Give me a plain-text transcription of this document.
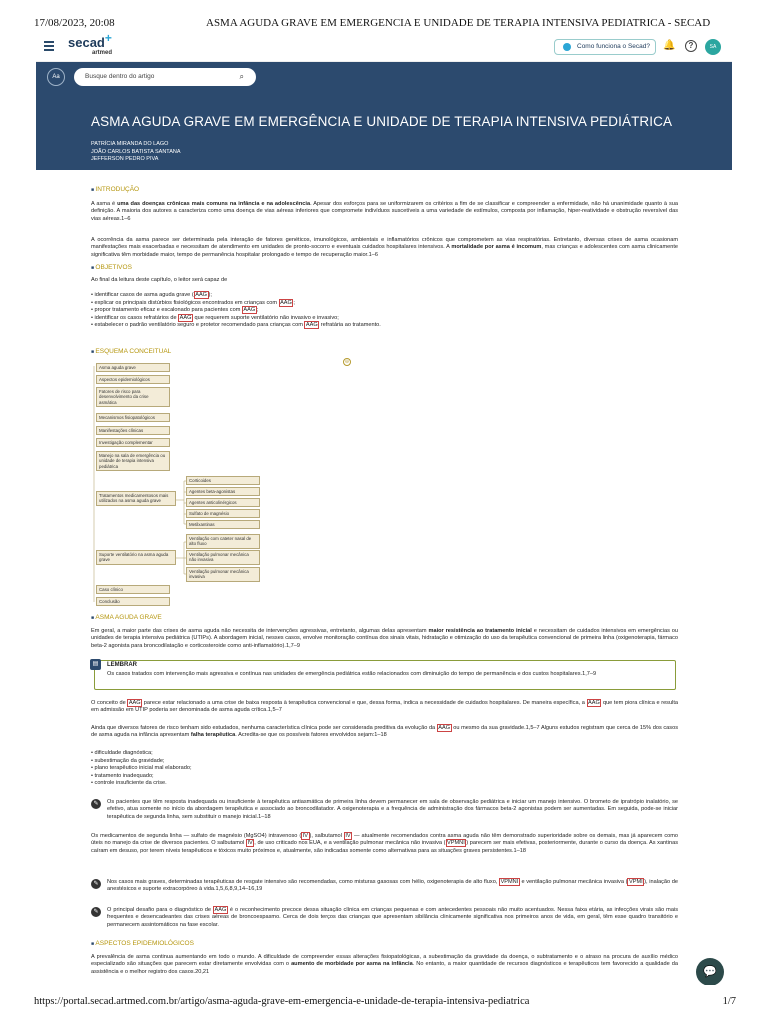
17/08/2023, 20:08	ASMA AGUDA GRAVE EM EMERGENCIA E UNIDADE DE TERAPIA INTENSIVA PEDIATRICA - SECAD
secad+
artmed
Como funciona o Secad?	🔔	?	SA
Aa	Busque dentro do artigo	⌕
ASMA AGUDA GRAVE EM EMERGÊNCIA E UNIDADE DE TERAPIA INTENSIVA PEDIÁTRICA
PATRÍCIA MIRANDA DO LAGO
JOÃO CARLOS BATISTA SANTANA
JEFFERSON PEDRO PIVA
■ INTRODUÇÃO
A asma é uma das doenças crônicas mais comuns na infância e na adolescência. Apesar dos esforços para se uniformizarem os critérios a fim de se classificar e compreender a enfermidade, não há unanimidade quanto à sua definição. A maioria dos autores a caracteriza como uma doença de vias aéreas inferiores que compromete indivíduos suscetíveis a uma variedade de estímulos, composta por inflamação, hiper-reatividade e obstrução reversível das vias aéreas.1–6
A ocorrência da asma parece ser determinada pela interação de fatores genéticos, imunológicos, ambientais e inflamatórios crônicos que comprometem as vias respiratórias. Entretanto, diversas crises de asma ocasionam manifestações mais exacerbadas e necessitam de atendimento em unidades de pronto-socorro e eventuais cuidados hospitalares intensivos. A mortalidade por asma é incomum, mas crianças e adolescentes com asma clinicamente significativa têm morbidade maior, tempo de permanência hospitalar prolongado e tempo de recuperação maior.1–6
■ OBJETIVOS
Ao final da leitura deste capítulo, o leitor será capaz de
• identificar casos de asma aguda grave ( AAG );
• explicar os principais distúrbios fisiológicos encontrados em crianças com AAG ;
• propor tratamento eficaz e escalonado para pacientes com AAG ;
• identificar os casos refratários de AAG que requerem suporte ventilatório não invasivo e invasivo;
• estabelecer o padrão ventilatório seguro e protetor recomendado para crianças com AAG refratária ao tratamento.
■ ESQUEMA CONCEITUAL
⊖
Asma aguda grave
Aspectos epidemiológicos
Fatores de risco para desenvolvimento da crise asmática
Mecanismos fisiopatológicos
Manifestações clínicas
Investigação complementar
Manejo na sala de emergência ou unidade de terapia intensiva pediátrica
Tratamentos medicamentosos mais utilizados na asma aguda grave
Suporte ventilatório na asma aguda grave
Caso clínico
Conclusão
Corticoides
Agentes beta-agonistas
Agentes anticolinérgicos
Sulfato de magnésio
Metilxantinas
Ventilação com cateter nasal de alto fluxo
Ventilação pulmonar mecânica não invasiva
Ventilação pulmonar mecânica invasiva
■ ASMA AGUDA GRAVE
Em geral, a maior parte das crises de asma aguda não necessita de intervenções agressivas, entretanto, algumas delas apresentam maior resistência ao tratamento inicial e necessitam de cuidados intensivos em emergências ou unidades de terapia intensiva pediátrica (UTIPs). A abordagem inicial, nesses casos, envolve monitoração contínua dos sinais vitais, hidratação e otimização do uso da terapêutica convencional de primeira linha (oxigenoterapia, fármaco beta-2 agonista para broncodilatação e corticosteroide como anti-inflamatório).1,7–9
▤	LEMBRAR
Os casos tratados com intervenção mais agressiva e contínua nas unidades de emergência pediátrica estão relacionados com diminuição do tempo de permanência e dos custos hospitalares.1,7–9
O conceito de AAG parece estar relacionado a uma crise de baixa resposta à terapêutica convencional e que, dessa forma, indica a necessidade de cuidados hospitalares. De maneira específica, a AAG que tem piora clínica e resulta em admissão em UTIP poderia ser denominada de asma aguda crítica.1,5–7
Ainda que diversos fatores de risco tenham sido estudados, nenhuma característica clínica pode ser considerada preditiva da evolução da AAG ou mesmo da sua gravidade.1,5–7 Alguns estudos registram que cerca de 15% dos casos de asma aguda na infância apresentam falha terapêutica. Acredita-se que os possíveis fatores envolvidos sejam:1–18
• dificuldade diagnóstica;
• subestimação da gravidade;
• plano terapêutico inicial mal elaborado;
• tratamento inadequado;
• controle insuficiente da crise.
✎	Os pacientes que têm resposta inadequada ou insuficiente à terapêutica antiasmática de primeira linha devem permanecer em sala de observação pediátrica e iniciar um manejo intensivo. O brometo de ipratrópio inalatório, se efetivo, atua somente no início da abordagem terapêutica e associado ao broncodilatador. A oxigenoterapia e a frequência de administração dos fármacos beta-2 agonistas podem ser aumentadas. Em seguida, pode-se iniciar terapêutica de segunda linha, sem substituir o manejo inicial.1–18
Os medicamentos de segunda linha — sulfato de magnésio (MgSO4) intravenoso ( IV ), salbutamol IV — atualmente recomendados contra asma aguda não têm demonstrado superioridade sobre os demais, mas já aparecem como úteis no manejo da crise de diversos pacientes. O salbutamol IV , de uso criticado nos EUA, e a ventilação pulmonar mecânica não invasiva ( VPMNI ) parecem ser mais efetivas, posteriormente, durante o curso da doença. As xantinas caíram em desuso, por terem níveis terapêuticos e tóxicos muito próximos e, atualmente, são indicadas somente como alternativas para as situações graves persistentes.1–18
✎	Nos casos mais graves, determinadas terapêuticas de resgate intensivo são recomendadas, como misturas gasosas com hélio, oxigenoterapia de alto fluxo, VPMNI e ventilação pulmonar mecânica invasiva ( VPMI ), inalação de anestésicos e suporte extracorpóreo à vida.1,5,6,8,9,14–16,19
✎	O principal desafio para o diagnóstico de AAG é o reconhecimento precoce dessa situação clínica em crianças pequenas e com antecedentes pessoais não muito acentuados. Nessa faixa etária, as infecções virais são mais frequentes e desencadeantes das crises aéreas de broncoespasmo. Cerca de dois terços das crianças que apresentam sibilância clinicamente significativa nos primeiros anos de vida, em geral, têm esse quadro transitório e permanecem assintomáticos na fase escolar.
■ ASPECTOS EPIDEMIOLÓGICOS
A prevalência de asma continua aumentando em todo o mundo. A dificuldade de compreender essas alterações fisiopatológicas, a subestimação da gravidade da doença, o subtratamento e o atraso na procura de auxílio médico especializado são situações que parecem estar diretamente envolvidas com o aumento de morbidade por asma na infância. No entanto, a maior quantidade de recursos diagnósticos e terapêuticos tem favorecido a qualidade da assistência e o melhor registro dos casos.20,21	💬
https://portal.secad.artmed.com.br/artigo/asma-aguda-grave-em-emergencia-e-unidade-de-terapia-intensiva-pediatrica	1/7
